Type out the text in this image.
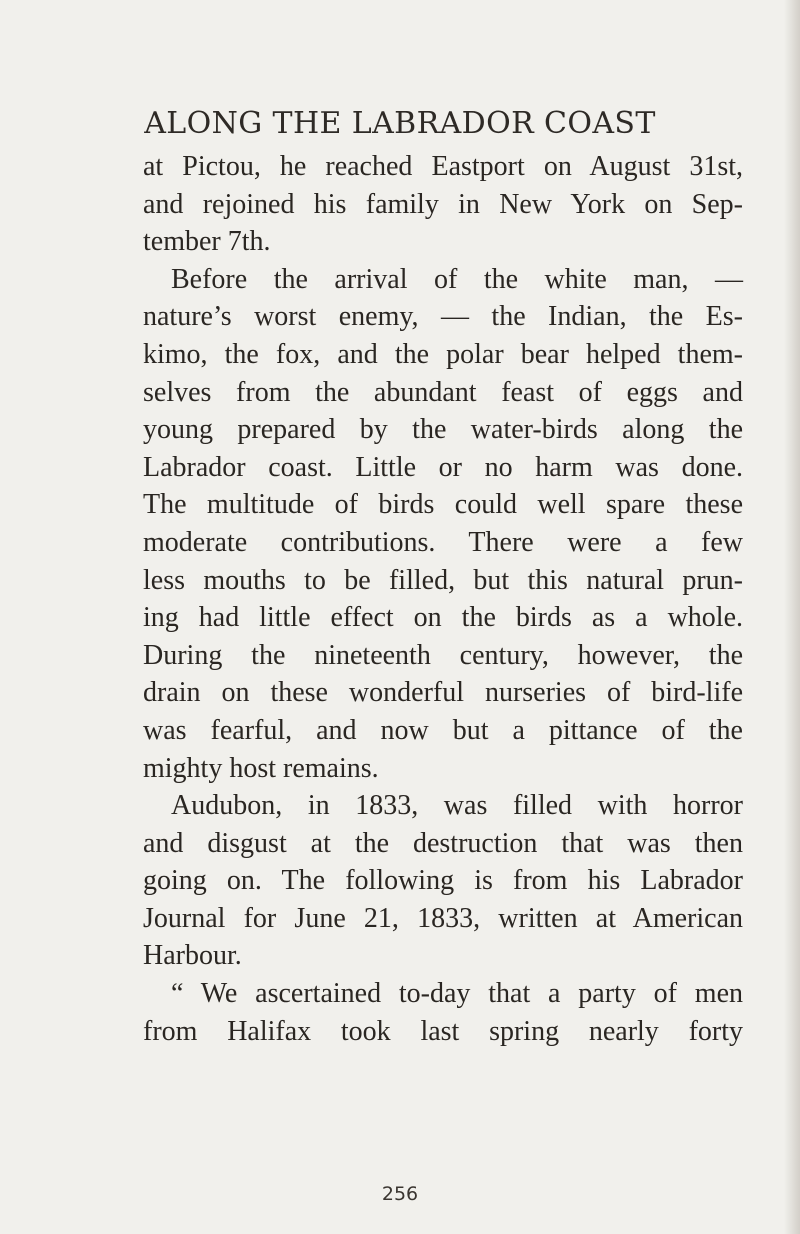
ALONG THE LABRADOR COAST
at Pictou, he reached Eastport on August 31st,
and rejoined his family in New York on Sep-
tember 7th.
Before the arrival of the white man, —
nature’s worst enemy, — the Indian, the Es-
kimo, the fox, and the polar bear helped them-
selves from the abundant feast of eggs and
young prepared by the water-birds along the
Labrador coast. Little or no harm was done.
The multitude of birds could well spare these
moderate contributions. There were a few
less mouths to be filled, but this natural prun-
ing had little effect on the birds as a whole.
During the nineteenth century, however, the
drain on these wonderful nurseries of bird-life
was fearful, and now but a pittance of the
mighty host remains.
Audubon, in 1833, was filled with horror
and disgust at the destruction that was then
going on. The following is from his Labrador
Journal for June 21, 1833, written at American
Harbour.
“ We ascertained to-day that a party of men
from Halifax took last spring nearly forty
256
